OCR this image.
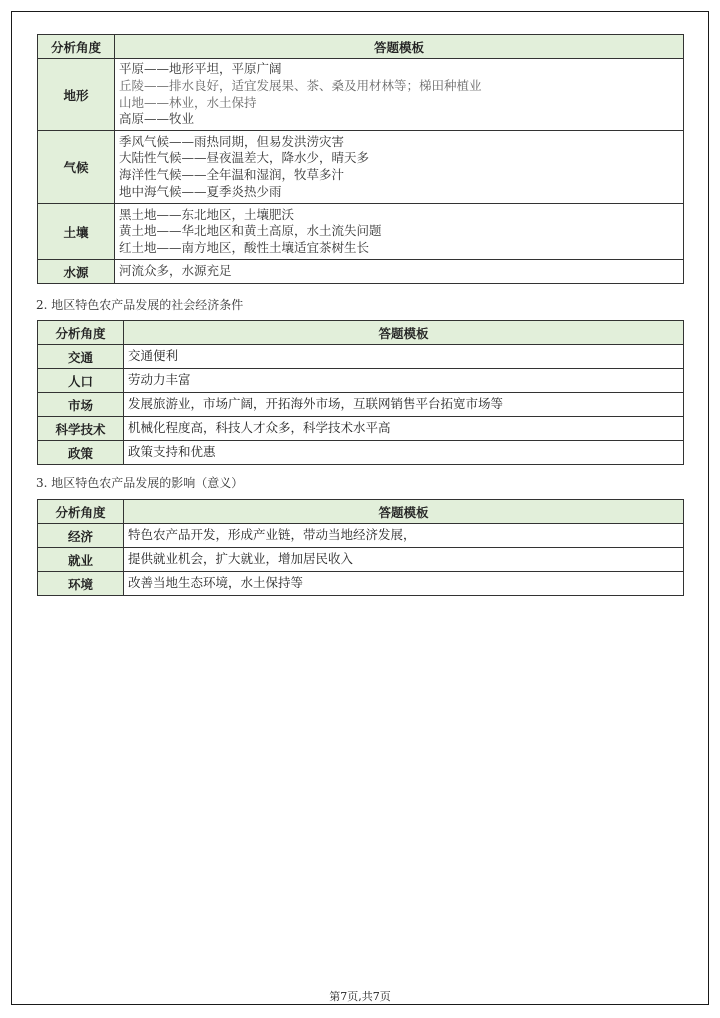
分析角度	答题模板
地形	平原——地形平坦，平原广阔
丘陵——排水良好，适宜发展果、茶、桑及用材林等；梯田种植业
山地——林业，水土保持
高原——牧业

气候	季风气候——雨热同期，但易发洪涝灾害
大陆性气候——昼夜温差大，降水少，晴天多
海洋性气候——全年温和湿润，牧草多汁
地中海气候——夏季炎热少雨

土壤	黑土地——东北地区，土壤肥沃
黄土地——华北地区和黄土高原，水土流失问题
红土地——南方地区，酸性土壤适宜茶树生长

水源	河流众多，水源充足
2. 地区特色农产品发展的社会经济条件
分析角度	答题模板
交通	交通便利
人口	劳动力丰富
市场	发展旅游业，市场广阔，开拓海外市场，互联网销售平台拓宽市场等
科学技术	机械化程度高，科技人才众多，科学技术水平高
政策	政策支持和优惠
3. 地区特色农产品发展的影响（意义）
分析角度	答题模板
经济	特色农产品开发，形成产业链，带动当地经济发展，
就业	提供就业机会，扩大就业，增加居民收入
环境	改善当地生态环境，水土保持等
第7页,共7页
